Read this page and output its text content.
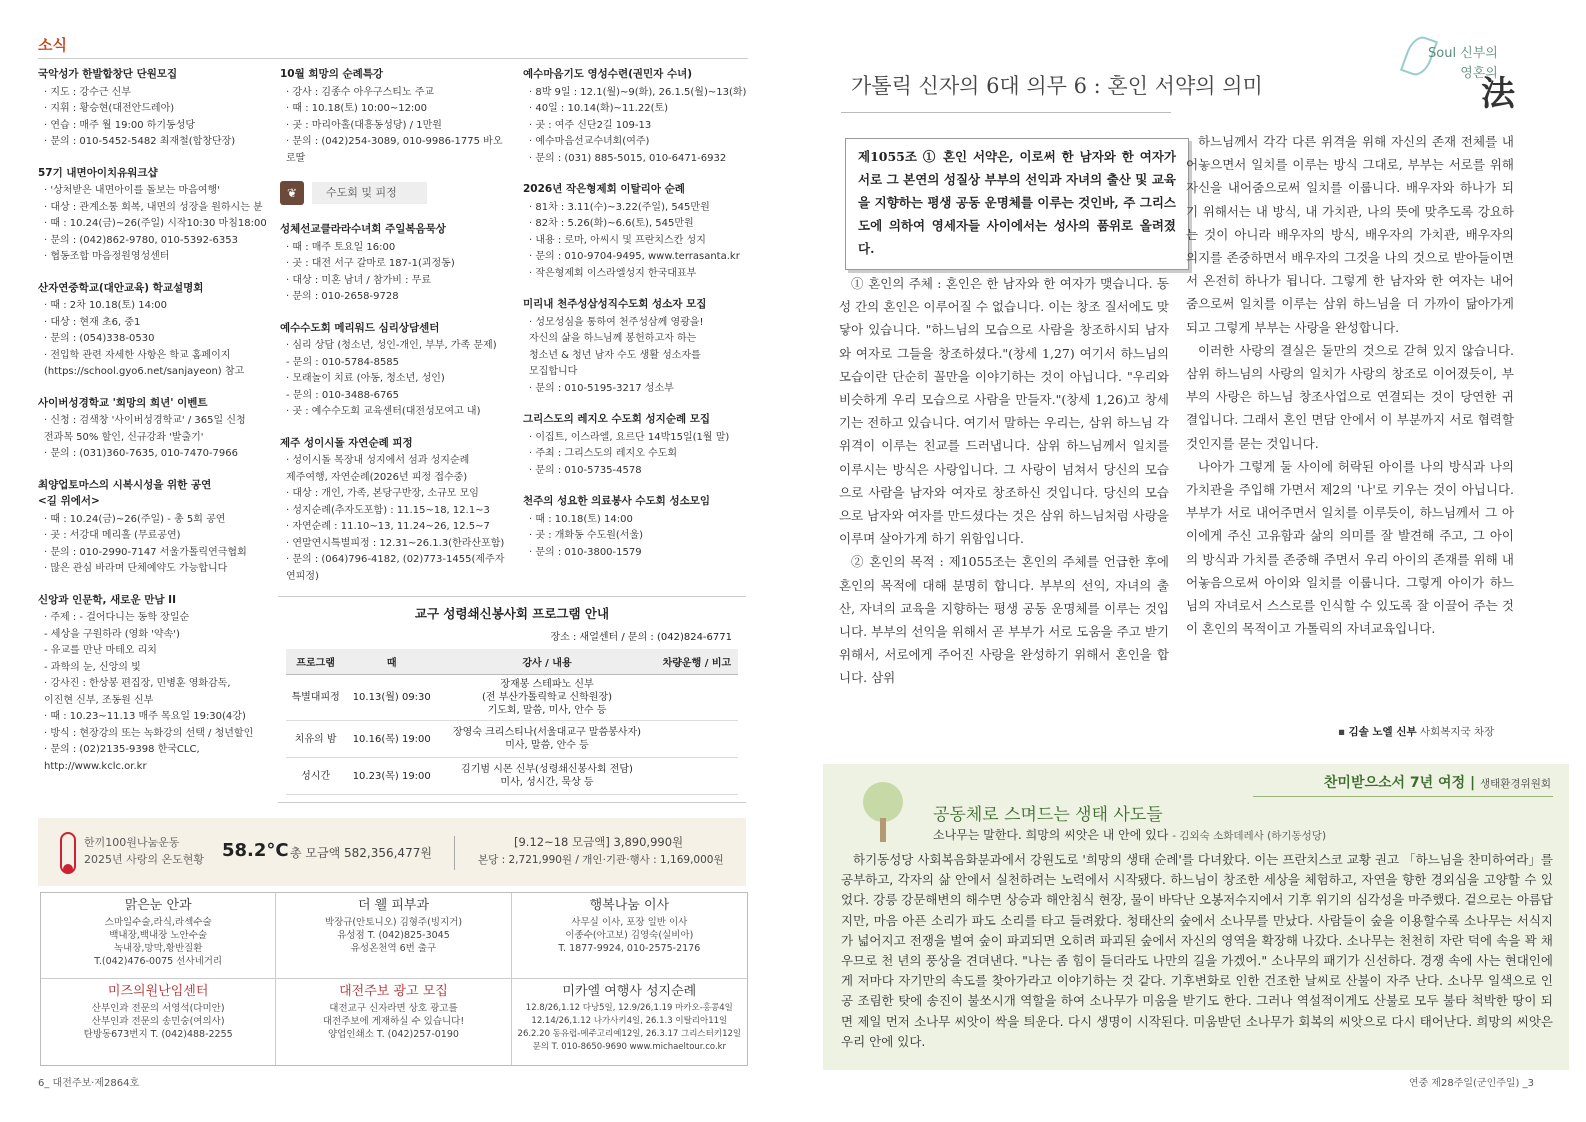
소식
국악성가 한발합창단 단원모집

· 지도 : 강수근 신부
· 지휘 : 황승현(대전안드레아)
· 연습 : 매주 월 19:00 하기동성당
· 문의 : 010-5452-5482 최재철(합창단장)

57기 내면아이치유워크샵

· '상처받은 내면아이를 돌보는 마음여행'
· 대상 : 관계소통 회복, 내면의 성장을 원하시는 분
· 때 : 10.24(금)~26(주일) 시작10:30 마침18:00
· 문의 : (042)862-9780, 010-5392-6353
· 협동조합 마음정원영성센터

산자연중학교(대안교육) 학교설명회

· 때 : 2차 10.18(토) 14:00
· 대상 : 현재 초6, 중1
· 문의 : (054)338-0530
· 전입학 관련 자세한 사항은 학교 홈페이지
(https://school.gyo6.net/sanjayeon) 참고

사이버성경학교 '희망의 희년' 이벤트

· 신청 : 검색창 '사이버성경학교' / 365일 신청
전과목 50% 할인, 신규강좌 '발출기'
· 문의 : (031)360-7635, 010-7470-7966

최양업토마스의 시복시성을 위한 공연
<길 위에서>

· 때 : 10.24(금)~26(주일) - 총 5회 공연
· 곳 : 서강대 메리홀 (무료공연)
· 문의 : 010-2990-7147 서울가톨릭연극협회
· 많은 관심 바라며 단체예약도 가능합니다

신앙과 인문학, 새로운 만남 II

· 주제 : - 걸어다니는 동학 장일순
- 세상을 구원하라 (영화 '약속')
- 유교를 만난 마테오 리치
- 과학의 눈, 신앙의 빛
· 강사진 : 한상봉 편집장, 민병훈 영화감독,
이진현 신부, 조동원 신부
· 때 : 10.23~11.13 매주 목요일 19:30(4강)
· 방식 : 현장강의 또는 녹화강의 선택 / 청년할인
· 문의 : (02)2135-9398 한국CLC,
http://www.kclc.or.kr

10월 희망의 순례특강

· 강사 : 김종수 아우구스티노 주교
· 때 : 10.18(토) 10:00~12:00
· 곳 : 마리아홀(대흥동성당) / 1만원
· 문의 : (042)254-3089, 010-9986-1775 바오로딸

❦	수도회 및 피정
성체선교클라라수녀회 주일복음묵상

· 때 : 매주 토요일 16:00
· 곳 : 대전 서구 갈마로 187-1(괴정동)
· 대상 : 미혼 남녀 / 참가비 : 무료
· 문의 : 010-2658-9728

예수수도회 메리워드 심리상담센터

· 심리 상담 (청소년, 성인-개인, 부부, 가족 문제)
- 문의 : 010-5784-8585
· 모래놀이 치료 (아동, 청소년, 성인)
- 문의 : 010-3488-6765
· 곳 : 예수수도회 교육센터(대전성모여고 내)

제주 성이시돌 자연순례 피정

· 성이시돌 목장내 성지에서 섬과 성지순례
제주여행, 자연순례(2026년 피정 접수중)
· 대상 : 개인, 가족, 본당구반장, 소규모 모임
· 성지순례(추자도포함) : 11.15~18, 12.1~3
· 자연순례 : 11.10~13, 11.24~26, 12.5~7
· 연말연시특별피정 : 12.31~26.1.3(한라산포함)
· 문의 : (064)796-4182, (02)773-1455(제주자연피정)

예수마음기도 영성수련(권민자 수녀)

· 8박 9일 : 12.1(월)~9(화), 26.1.5(월)~13(화)
· 40일 : 10.14(화)~11.22(토)
· 곳 : 여주 신단2길 109-13
· 예수마음선교수녀회(여주)
· 문의 : (031) 885-5015, 010-6471-6932

2026년 작은형제회 이탈리아 순례

· 81차 : 3.11(수)~3.22(주일), 545만원
· 82차 : 5.26(화)~6.6(토), 545만원
· 내용 : 로마, 아씨시 및 프란치스칸 성지
· 문의 : 010-9704-9495, www.terrasanta.kr
· 작은형제회 이스라엘성지 한국대표부

미리내 천주성삼성직수도회 성소자 모집

· 성모성심을 통하여 천주성삼께 영광을!
자신의 삶을 하느님께 봉헌하고자 하는
청소년 & 청년 남자 수도 생활 성소자를
모집합니다
· 문의 : 010-5195-3217 성소부

그리스도의 레지오 수도회 성지순례 모집

· 이집트, 이스라엘, 요르단 14박15일(1월 말)
· 주최 : 그리스도의 레지오 수도회
· 문의 : 010-5735-4578

천주의 성요한 의료봉사 수도회 성소모임

· 때 : 10.18(토) 14:00
· 곳 : 개화동 수도원(서울)
· 문의 : 010-3800-1579

교구 성령쇄신봉사회 프로그램 안내
장소 : 새얼센터 / 문의 : (042)824-6771
프로그램	때	강사 / 내용	차량운행 / 비고
특별대피정	10.13(월) 09:30	장재봉 스테파노 신부
(전 부산가톨릭학교 신학원장)
기도회, 말씀, 미사, 안수 등	
치유의 밤	10.16(목) 19:00	장영숙 크리스티나(서울대교구 말씀봉사자)
미사, 말씀, 안수 등	
성시간	10.23(목) 19:00	김기범 시몬 신부(성령쇄신봉사회 전담)
미사, 성시간, 묵상 등	
한끼100원나눔운동
2025년 사랑의 온도현황 58.2°C 총 모금액 582,356,477원
[9.12~18 모금액] 3,890,990원
본당 : 2,721,990원 / 개인·기관·행사 : 1,169,000원
맑은눈 안과
스마일수술,라식,라섹수술
백내장,백내장 노안수술
녹내장,망막,황반질환
T.(042)476-0075 선사네거리
더 웰 피부과
박장규(안토니오) 김형주(빙지거)
유성점 T. (042)825-3045
유성온천역 6번 출구
행복나눔 이사
사무실 이사, 포장 일반 이사
이종수(아고보) 김영숙(실비아)
T. 1877-9924, 010-2575-2176
미즈의원난임센터
산부인과 전문의 서영석(다미안)
산부인과 전문의 송민숭(여의사)
탄방동673번지 T. (042)488-2255
대전주보 광고 모집
대전교구 신자라면 상호 광고를
대전주보에 게재하실 수 있습니다!
양업인쇄소 T. (042)257-0190
미카엘 여행사 성지순례
12.8/26,1.12 다낭5일, 12.9/26,1.19 마카오-홍콩4일
12.14/26,1.12 나가사키4일, 26.1.3 이탈리아11일
26.2.20 동유럽-메주고리예12일, 26.3.17 그리스터키12일
문의 T. 010-8650-9690 www.michaeltour.co.kr
6_ 대전주보·제2864호
가톨릭 신자의 6대 의무 6 : 혼인 서약의 의미
Soul 신부의
영혼의
法
제1055조 ① 혼인 서약은, 이로써 한 남자와 한 여자가 서로 그 본연의 성질상 부부의 선익과 자녀의 출산 및 교육을 지향하는 평생 공동 운명체를 이루는 것인바, 주 그리스도에 의하여 영세자들 사이에서는 성사의 품위로 올려졌다.

① 혼인의 주체 : 혼인은 한 남자와 한 여자가 맺습니다. 동성 간의 혼인은 이루어질 수 없습니다. 이는 창조 질서에도 맞닿아 있습니다. "하느님의 모습으로 사람을 창조하시되 남자와 여자로 그들을 창조하셨다."(창세 1,27) 여기서 하느님의 모습이란 단순히 꼴만을 이야기하는 것이 아닙니다. "우리와 비슷하게 우리 모습으로 사람을 만들자."(창세 1,26)고 창세기는 전하고 있습니다. 여기서 말하는 우리는, 삼위 하느님 각 위격이 이루는 친교를 드러냅니다. 삼위 하느님께서 일치를 이루시는 방식은 사랑입니다. 그 사랑이 넘쳐서 당신의 모습으로 사람을 남자와 여자로 창조하신 것입니다. 당신의 모습으로 남자와 여자를 만드셨다는 것은 삼위 하느님처럼 사랑을 이루며 살아가게 하기 위함입니다.

② 혼인의 목적 : 제1055조는 혼인의 주체를 언급한 후에 혼인의 목적에 대해 분명히 합니다. 부부의 선익, 자녀의 출산, 자녀의 교육을 지향하는 평생 공동 운명체를 이루는 것입니다. 부부의 선익을 위해서 곧 부부가 서로 도움을 주고 받기 위해서, 서로에게 주어진 사랑을 완성하기 위해서 혼인을 합니다. 삼위

하느님께서 각각 다른 위격을 위해 자신의 존재 전체를 내어놓으면서 일치를 이루는 방식 그대로, 부부는 서로를 위해 자신을 내어줌으로써 일치를 이룹니다. 배우자와 하나가 되기 위해서는 내 방식, 내 가치관, 나의 뜻에 맞추도록 강요하는 것이 아니라 배우자의 방식, 배우자의 가치관, 배우자의 의지를 존중하면서 배우자의 그것을 나의 것으로 받아들이면서 온전히 하나가 됩니다. 그렇게 한 남자와 한 여자는 내어줌으로써 일치를 이루는 삼위 하느님을 더 가까이 닮아가게 되고 그렇게 부부는 사랑을 완성합니다.

이러한 사랑의 결실은 둘만의 것으로 갇혀 있지 않습니다. 삼위 하느님의 사랑의 일치가 사랑의 창조로 이어졌듯이, 부부의 사랑은 하느님 창조사업으로 연결되는 것이 당연한 귀결입니다. 그래서 혼인 면담 안에서 이 부분까지 서로 협력할 것인지를 묻는 것입니다.

나아가 그렇게 둘 사이에 허락된 아이를 나의 방식과 나의 가치관을 주입해 가면서 제2의 '나'로 키우는 것이 아닙니다. 부부가 서로 내어주면서 일치를 이루듯이, 하느님께서 그 아이에게 주신 고유함과 삶의 의미를 잘 발견해 주고, 그 아이의 방식과 가치를 존중해 주면서 우리 아이의 존재를 위해 내어놓음으로써 아이와 일치를 이룹니다. 그렇게 아이가 하느님의 자녀로서 스스로를 인식할 수 있도록 잘 이끌어 주는 것이 혼인의 목적이고 가톨릭의 자녀교육입니다.

▪ 김솔 노엘 신부 사회복지국 차장
찬미받으소서 7년 여정 | 생태환경위원회
공동체로 스며드는 생태 사도들
소나무는 말한다. 희망의 씨앗은 내 안에 있다 - 김외숙 소화데레사 (하기동성당)
하기동성당 사회복음화분과에서 강원도로 '희망의 생태 순례'를 다녀왔다. 이는 프란치스코 교황 권고 「하느님을 찬미하여라」를 공부하고, 각자의 삶 안에서 실천하려는 노력에서 시작됐다. 하느님이 창조한 세상을 체험하고, 자연을 향한 경외심을 고양할 수 있었다. 강릉 강문해변의 해수면 상승과 해안침식 현장, 물이 바닥난 오봉저수지에서 기후 위기의 심각성을 마주했다. 겉으로는 아름답지만, 마음 아픈 소리가 파도 소리를 타고 들려왔다. 청태산의 숲에서 소나무를 만났다. 사람들이 숲을 이용할수록 소나무는 서식지가 넓어지고 전쟁을 벌여 숲이 파괴되면 오히려 파괴된 숲에서 자신의 영역을 확장해 나갔다. 소나무는 천천히 자란 덕에 속을 꽉 채우므로 천 년의 풍상을 견뎌낸다. "나는 좀 힘이 들더라도 나만의 길을 가겠어." 소나무의 패기가 신선하다. 경쟁 속에 사는 현대인에게 저마다 자기만의 속도를 찾아가라고 이야기하는 것 같다. 기후변화로 인한 건조한 날씨로 산불이 자주 난다. 소나무 일색으로 인공 조림한 탓에 송진이 불쏘시개 역할을 하여 소나무가 미움을 받기도 한다. 그러나 역설적이게도 산불로 모두 불타 척박한 땅이 되면 제일 먼저 소나무 씨앗이 싹을 틔운다. 다시 생명이 시작된다. 미움받던 소나무가 회복의 씨앗으로 다시 태어난다. 희망의 씨앗은 우리 안에 있다.
연중 제28주일(군인주일) _3
